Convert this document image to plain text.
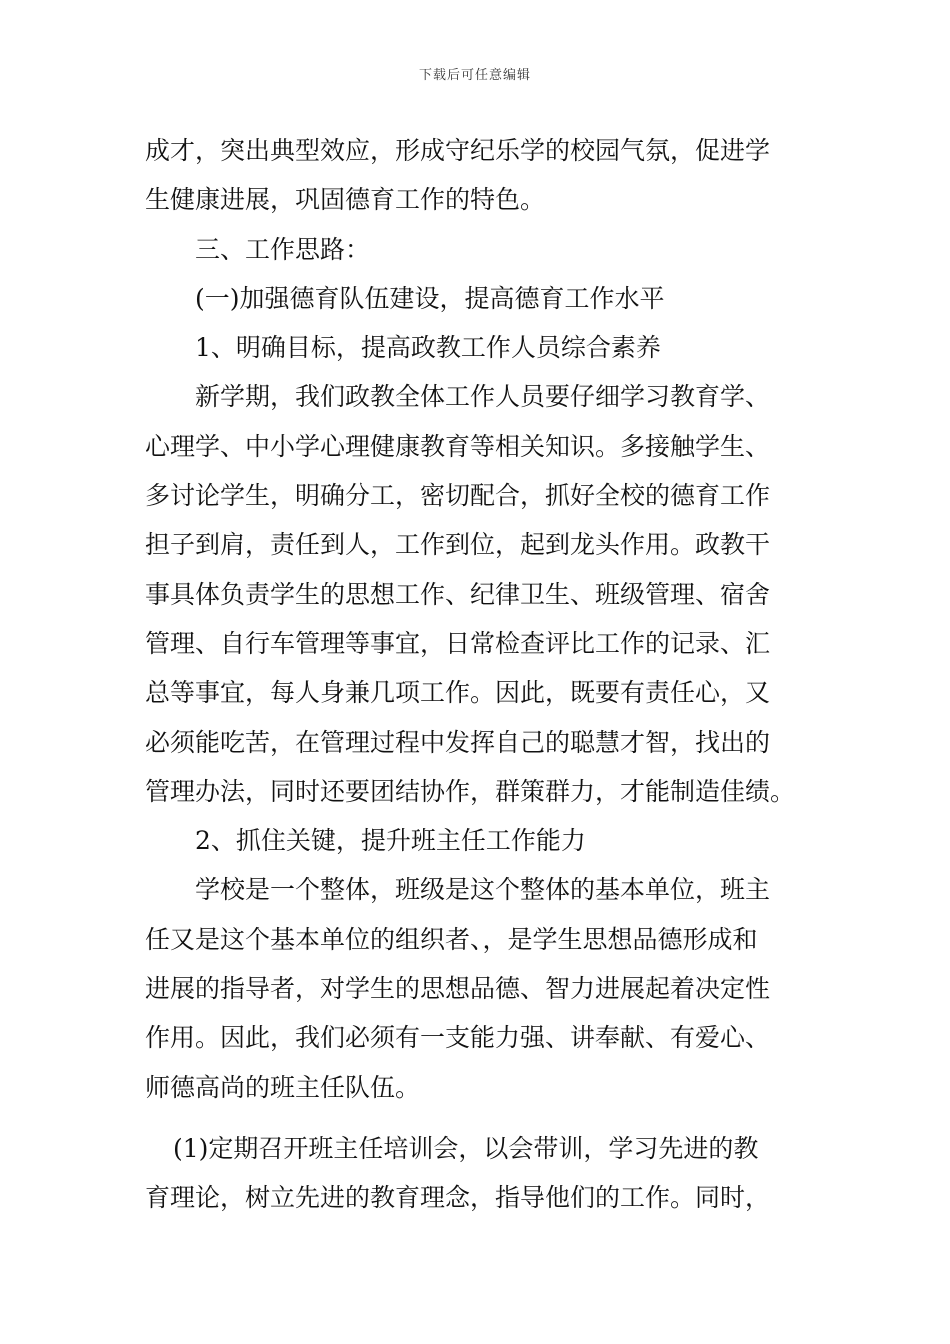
下载后可任意编辑
成才，突出典型效应，形成守纪乐学的校园气氛，促进学
生健康进展，巩固德育工作的特色。
三、工作思路：
(一)加强德育队伍建设，提高德育工作水平
1、明确目标，提高政教工作人员综合素养
新学期，我们政教全体工作人员要仔细学习教育学、
心理学、中小学心理健康教育等相关知识。多接触学生、
多讨论学生，明确分工，密切配合，抓好全校的德育工作
担子到肩，责任到人，工作到位，起到龙头作用。政教干
事具体负责学生的思想工作、纪律卫生、班级管理、宿舍
管理、自行车管理等事宜，日常检查评比工作的记录、汇
总等事宜，每人身兼几项工作。因此，既要有责任心，又
必须能吃苦，在管理过程中发挥自己的聪慧才智，找出的
管理办法，同时还要团结协作，群策群力，才能制造佳绩。
2、抓住关键，提升班主任工作能力
学校是一个整体，班级是这个整体的基本单位，班主
任又是这个基本单位的组织者、，是学生思想品德形成和
进展的指导者，对学生的思想品德、智力进展起着决定性
作用。因此，我们必须有一支能力强、讲奉献、有爱心、
师德高尚的班主任队伍。
(1)定期召开班主任培训会，以会带训，学习先进的教
育理论，树立先进的教育理念，指导他们的工作。同时，
